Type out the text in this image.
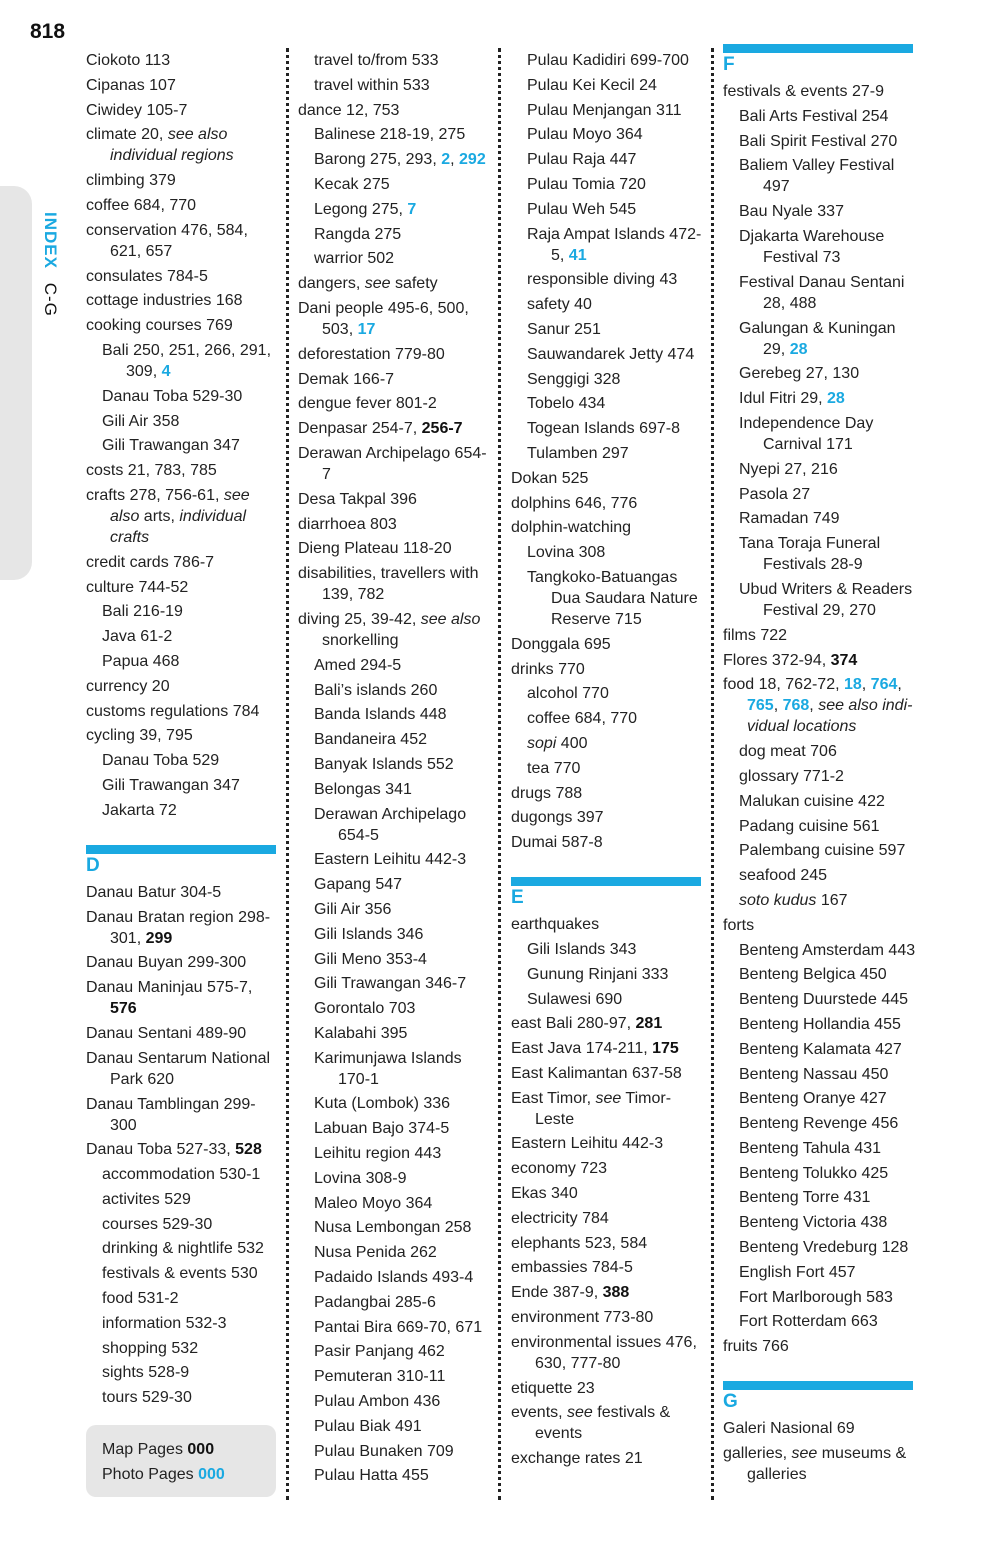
818
INDEX C-G
Ciokoto 113
Cipanas 107
Ciwidey 105-7
climate 20, see also individual regions
climbing 379
coffee 684, 770
conservation 476, 584, 621, 657
consulates 784-5
cottage industries 168
cooking courses 769
Bali 250, 251, 266, 291, 309, 4
Danau Toba 529-30
Gili Air 358
Gili Trawangan 347
costs 21, 783, 785
crafts 278, 756-61, see also arts, individual crafts
credit cards 786-7
culture 744-52
Bali 216-19
Java 61-2
Papua 468
currency 20
customs regulations 784
cycling 39, 795
Danau Toba 529
Gili Trawangan 347
Jakarta 72
D
Danau Batur 304-5
Danau Bratan region 298-301, 299
Danau Buyan 299-300
Danau Maninjau 575-7, 576
Danau Sentani 489-90
Danau Sentarum National Park 620
Danau Tamblingan 299-300
Danau Toba 527-33, 528
accommodation 530-1
activites 529
courses 529-30
drinking & nightlife 532
festivals & events 530
food 531-2
information 532-3
shopping 532
sights 528-9
tours 529-30
travel to/from 533
travel within 533
dance 12, 753
Balinese 218-19, 275
Barong 275, 293, 2, 292
Kecak 275
Legong 275, 7
Rangda 275
warrior 502
dangers, see safety
Dani people 495-6, 500, 503, 17
deforestation 779-80
Demak 166-7
dengue fever 801-2
Denpasar 254-7, 256-7
Derawan Archipelago 654-7
Desa Takpal 396
diarrhoea 803
Dieng Plateau 118-20
disabilities, travellers with 139, 782
diving 25, 39-42, see also snorkelling
Amed 294-5
Bali’s islands 260
Banda Islands 448
Bandaneira 452
Banyak Islands 552
Belongas 341
Derawan Archipelago 654-5
Eastern Leihitu 442-3
Gapang 547
Gili Air 356
Gili Islands 346
Gili Meno 353-4
Gili Trawangan 346-7
Gorontalo 703
Kalabahi 395
Karimunjawa Islands 170-1
Kuta (Lombok) 336
Labuan Bajo 374-5
Leihitu region 443
Lovina 308-9
Maleo Moyo 364
Nusa Lembongan 258
Nusa Penida 262
Padaido Islands 493-4
Padangbai 285-6
Pantai Bira 669-70, 671
Pasir Panjang 462
Pemuteran 310-11
Pulau Ambon 436
Pulau Biak 491
Pulau Bunaken 709
Pulau Hatta 455
Pulau Kadidiri 699-700
Pulau Kei Kecil 24
Pulau Menjangan 311
Pulau Moyo 364
Pulau Raja 447
Pulau Tomia 720
Pulau Weh 545
Raja Ampat Islands 472-5, 41
responsible diving 43
safety 40
Sanur 251
Sauwandarek Jetty 474
Senggigi 328
Tobelo 434
Togean Islands 697-8
Tulamben 297
Dokan 525
dolphins 646, 776
dolphin-watching
Lovina 308
Tangkoko-Batuangas Dua Saudara Nature Reserve 715
Donggala 695
drinks 770
alcohol 770
coffee 684, 770
sopi 400
tea 770
drugs 788
dugongs 397
Dumai 587-8
E
earthquakes
Gili Islands 343
Gunung Rinjani 333
Sulawesi 690
east Bali 280-97, 281
East Java 174-211, 175
East Kalimantan 637-58
East Timor, see Timor-Leste
Eastern Leihitu 442-3
economy 723
Ekas 340
electricity 784
elephants 523, 584
embassies 784-5
Ende 387-9, 388
environment 773-80
environmental issues 476, 630, 777-80
etiquette 23
events, see festivals & events
exchange rates 21
F
festivals & events 27-9
Bali Arts Festival 254
Bali Spirit Festival 270
Baliem Valley Festival 497
Bau Nyale 337
Djakarta Warehouse Festival 73
Festival Danau Sentani 28, 488
Galungan & Kuningan 29, 28
Gerebeg 27, 130
Idul Fitri 29, 28
Independence Day Carnival 171
Nyepi 27, 216
Pasola 27
Ramadan 749
Tana Toraja Funeral Festivals 28-9
Ubud Writers & Readers Festival 29, 270
films 722
Flores 372-94, 374
food 18, 762-72, 18, 764, 765, 768, see also indi-vidual locations
dog meat 706
glossary 771-2
Malukan cuisine 422
Padang cuisine 561
Palembang cuisine 597
seafood 245
soto kudus 167
forts
Benteng Amsterdam 443
Benteng Belgica 450
Benteng Duurstede 445
Benteng Hollandia 455
Benteng Kalamata 427
Benteng Nassau 450
Benteng Oranye 427
Benteng Revenge 456
Benteng Tahula 431
Benteng Tolukko 425
Benteng Torre 431
Benteng Victoria 438
Benteng Vredeburg 128
English Fort 457
Fort Marlborough 583
Fort Rotterdam 663
fruits 766
G
Galeri Nasional 69
galleries, see museums & galleries
Map Pages 000
Photo Pages 000
